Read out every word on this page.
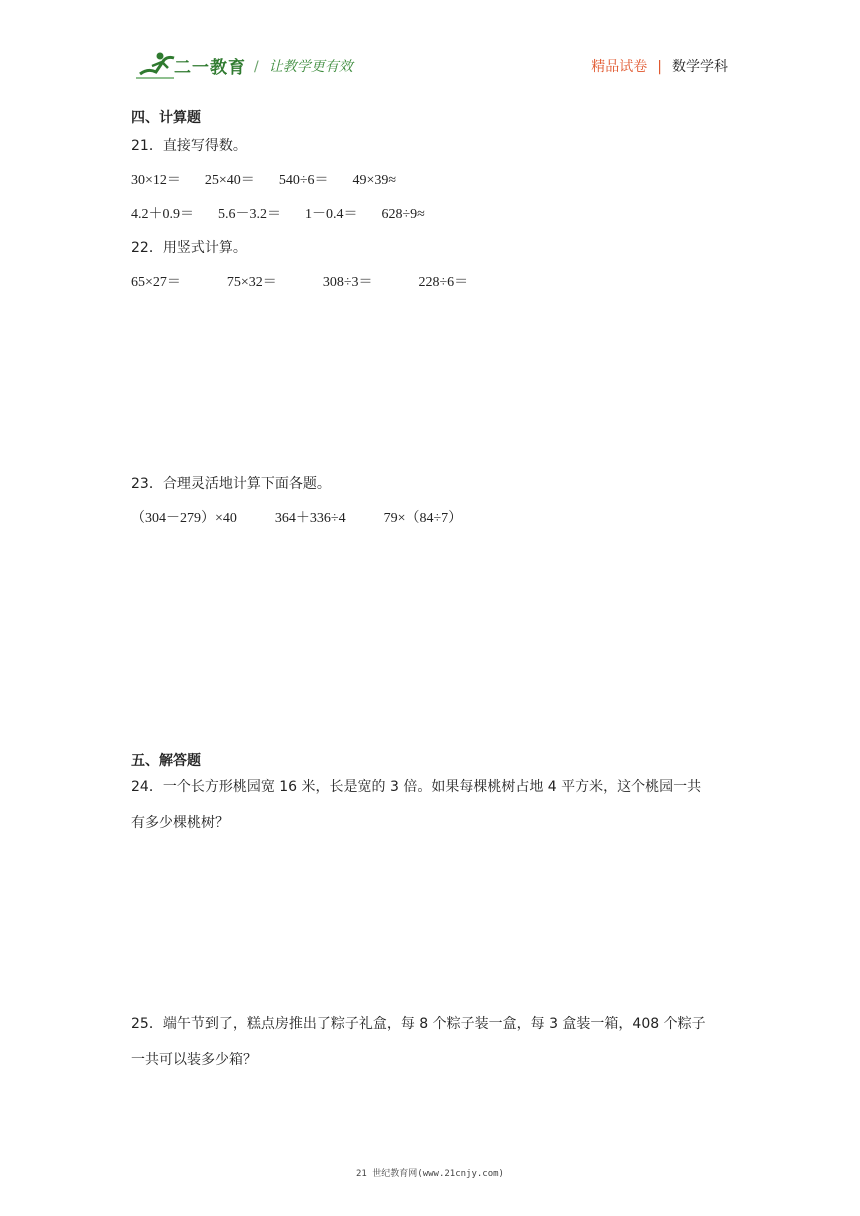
二一教育 / 让教学更有效	精品试卷 | 数学学科
四、计算题
21．直接写得数。
30×12＝ 25×40＝ 540÷6＝ 49×39≈
4.2＋0.9＝ 5.6－3.2＝ 1－0.4＝ 628÷9≈
22．用竖式计算。
65×27＝	75×32＝	308÷3＝	228÷6＝
23．合理灵活地计算下面各题。
（304－279）×40	364＋336÷4	79×（84÷7）
五、解答题
24．一个长方形桃园宽 16 米，长是宽的 3 倍。如果每棵桃树占地 4 平方米，这个桃园一共
有多少棵桃树？
25．端午节到了，糕点房推出了粽子礼盒，每 8 个粽子装一盒，每 3 盒装一箱，408 个粽子
一共可以装多少箱？
21 世纪教育网(www.21cnjy.com)
